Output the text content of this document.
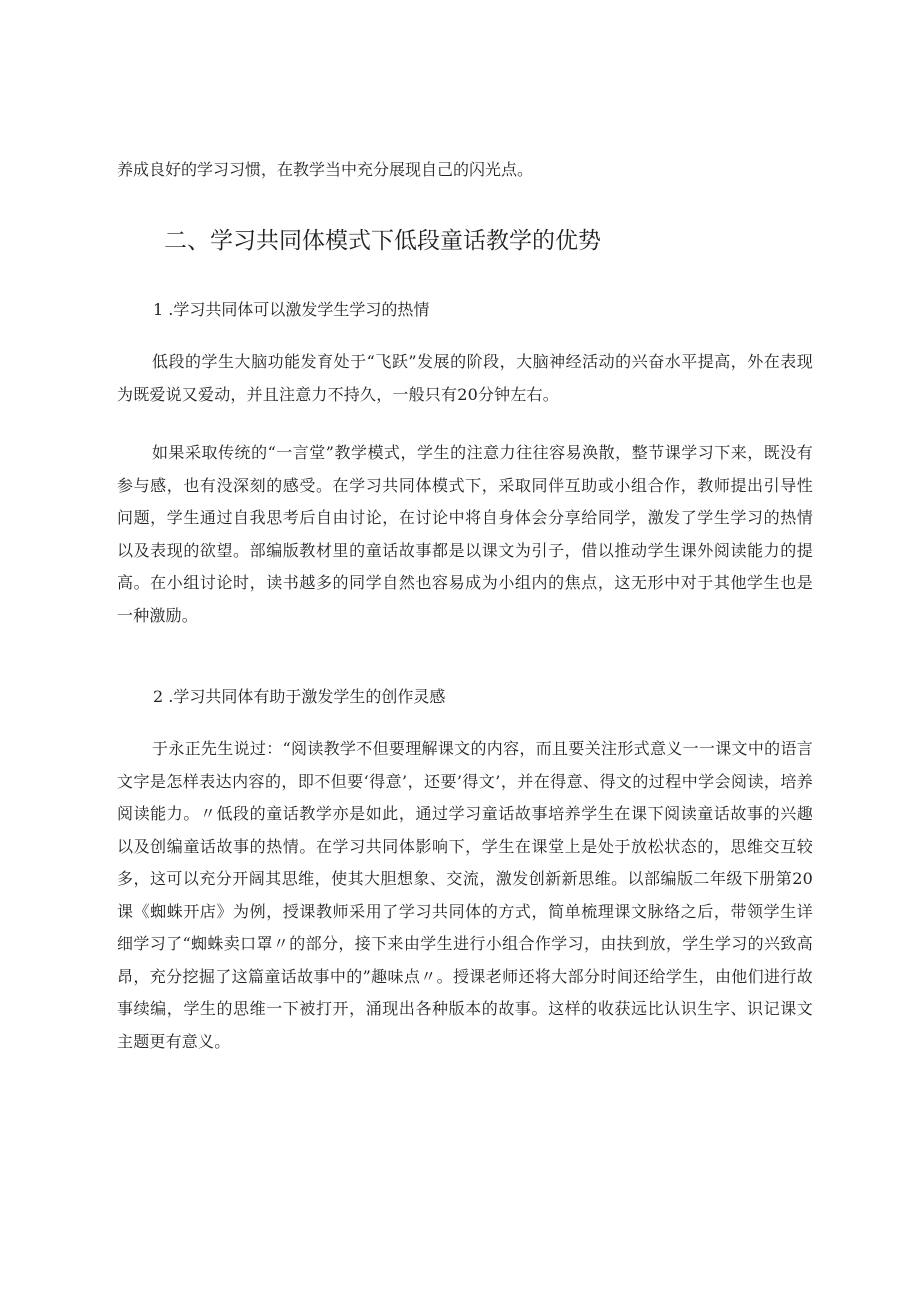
养成良好的学习习惯，在教学当中充分展现自己的闪光点。

二、学习共同体模式下低段童话教学的优势

1 .学习共同体可以激发学生学习的热情

低段的学生大脑功能发育处于“飞跃”发展的阶段，大脑神经活动的兴奋水平提高，外在表现为既爱说又爱动，并且注意力不持久，一般只有20分钟左右。

如果采取传统的“一言堂”教学模式，学生的注意力往往容易涣散，整节课学习下来，既没有参与感，也有没深刻的感受。在学习共同体模式下，采取同伴互助或小组合作，教师提出引导性问题，学生通过自我思考后自由讨论，在讨论中将自身体会分享给同学，激发了学生学习的热情以及表现的欲望。部编版教材里的童话故事都是以课文为引子，借以推动学生课外阅读能力的提高。在小组讨论时，读书越多的同学自然也容易成为小组内的焦点，这无形中对于其他学生也是一种激励。

2 .学习共同体有助于激发学生的创作灵感

于永正先生说过：“阅读教学不但要理解课文的内容，而且要关注形式意义一一课文中的语言文字是怎样表达内容的，即不但要‘得意’，还要’得文’，并在得意、得文的过程中学会阅读，培养阅读能力。〃低段的童话教学亦是如此，通过学习童话故事培养学生在课下阅读童话故事的兴趣以及创编童话故事的热情。在学习共同体影响下，学生在课堂上是处于放松状态的，思维交互较多，这可以充分开阔其思维，使其大胆想象、交流，激发创新新思维。以部编版二年级下册第20课《蜘蛛开店》为例，授课教师采用了学习共同体的方式，简单梳理课文脉络之后，带领学生详细学习了“蜘蛛卖口罩〃的部分，接下来由学生进行小组合作学习，由扶到放，学生学习的兴致高昂，充分挖掘了这篇童话故事中的”趣味点〃。授课老师还将大部分时间还给学生，由他们进行故事续编，学生的思维一下被打开，涌现出各种版本的故事。这样的收获远比认识生字、识记课文主题更有意义。
